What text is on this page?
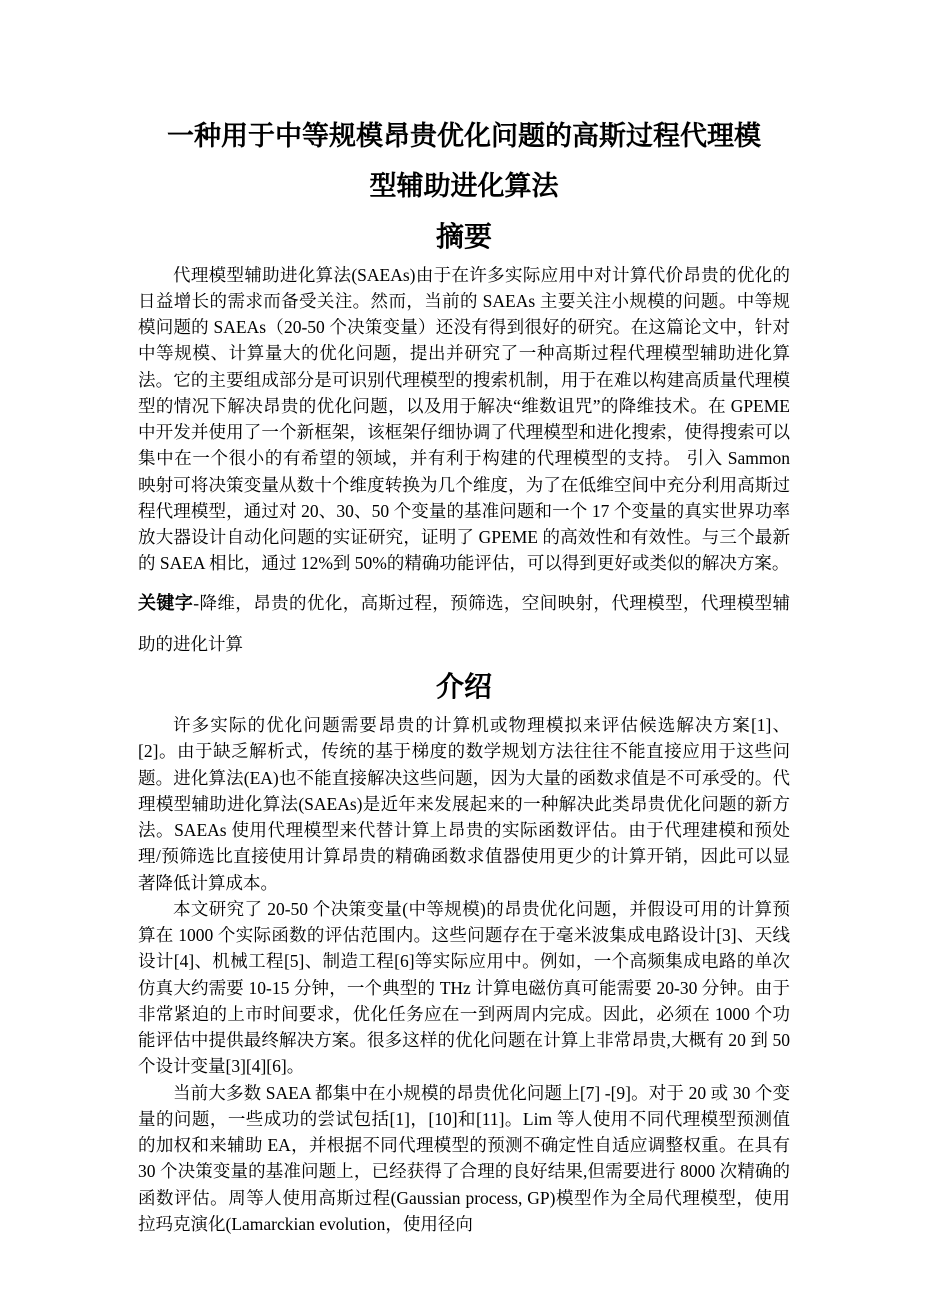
一种用于中等规模昂贵优化问题的高斯过程代理模
型辅助进化算法
摘要

代理模型辅助进化算法(SAEAs)由于在许多实际应用中对计算代价昂贵的优化的日益增长的需求而备受关注。然而，当前的 SAEAs 主要关注小规模的问题。中等规模问题的 SAEAs（20-50 个决策变量）还没有得到很好的研究。在这篇论文中，针对中等规模、计算量大的优化问题，提出并研究了一种高斯过程代理模型辅助进化算法。它的主要组成部分是可识别代理模型的搜索机制，用于在难以构建高质量代理模型的情况下解决昂贵的优化问题，以及用于解决“维数诅咒”的降维技术。在 GPEME 中开发并使用了一个新框架，该框架仔细协调了代理模型和进化搜索，使得搜索可以集中在一个很小的有希望的领域，并有利于构建的代理模型的支持。 引入 Sammon 映射可将决策变量从数十个维度转换为几个维度，为了在低维空间中充分利用高斯过程代理模型，通过对 20、30、50 个变量的基准问题和一个 17 个变量的真实世界功率放大器设计自动化问题的实证研究，证明了 GPEME 的高效性和有效性。与三个最新的 SAEA 相比，通过 12%到 50%的精确功能评估，可以得到更好或类似的解决方案。

关键字-降维，昂贵的优化，高斯过程，预筛选，空间映射，代理模型，代理模型辅助的进化计算

介绍

许多实际的优化问题需要昂贵的计算机或物理模拟来评估候选解决方案[1]、[2]。由于缺乏解析式，传统的基于梯度的数学规划方法往往不能直接应用于这些问题。进化算法(EA)也不能直接解决这些问题，因为大量的函数求值是不可承受的。代理模型辅助进化算法(SAEAs)是近年来发展起来的一种解决此类昂贵优化问题的新方法。SAEAs 使用代理模型来代替计算上昂贵的实际函数评估。由于代理建模和预处理/预筛选比直接使用计算昂贵的精确函数求值器使用更少的计算开销，因此可以显著降低计算成本。

本文研究了 20-50 个决策变量(中等规模)的昂贵优化问题，并假设可用的计算预算在 1000 个实际函数的评估范围内。这些问题存在于毫米波集成电路设计[3]、天线设计[4]、机械工程[5]、制造工程[6]等实际应用中。例如，一个高频集成电路的单次仿真大约需要 10-15 分钟，一个典型的 THz 计算电磁仿真可能需要 20-30 分钟。由于非常紧迫的上市时间要求，优化任务应在一到两周内完成。因此，必须在 1000 个功能评估中提供最终解决方案。很多这样的优化问题在计算上非常昂贵,大概有 20 到 50 个设计变量[3][4][6]。

当前大多数 SAEA 都集中在小规模的昂贵优化问题上[7] -[9]。对于 20 或 30 个变量的问题，一些成功的尝试包括[1]，[10]和[11]。Lim 等人使用不同代理模型预测值的加权和来辅助 EA，并根据不同代理模型的预测不确定性自适应调整权重。在具有 30 个决策变量的基准问题上，已经获得了合理的良好结果,但需要进行 8000 次精确的函数评估。周等人使用高斯过程(Gaussian process, GP)模型作为全局代理模型，使用拉玛克演化(Lamarckian evolution，使用径向
